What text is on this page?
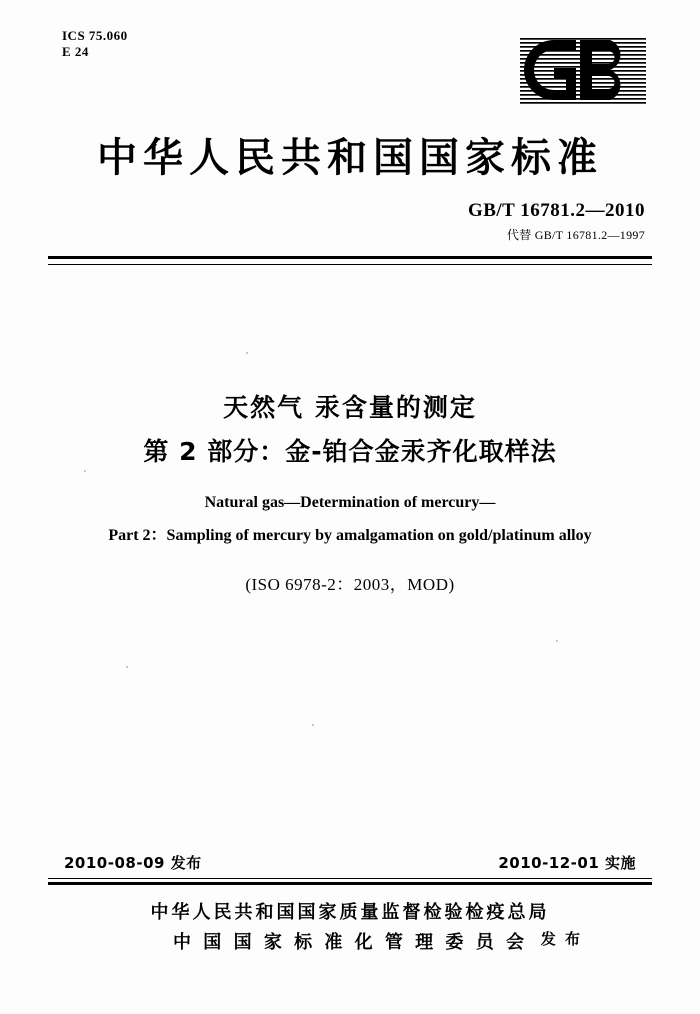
ICS 75.060
E 24
中华人民共和国国家标准
GB/T 16781.2—2010
代替 GB/T 16781.2—1997
天然气 汞含量的测定
第 2 部分：金-铂合金汞齐化取样法
Natural gas—Determination of mercury—
Part 2：Sampling of mercury by amalgamation on gold/platinum alloy
(ISO 6978-2：2003，MOD)
2010-08-09 发布	2010-12-01 实施
中华人民共和国国家质量监督检验检疫总局
中 国 国 家 标 准 化 管 理 委 员 会 发 布
